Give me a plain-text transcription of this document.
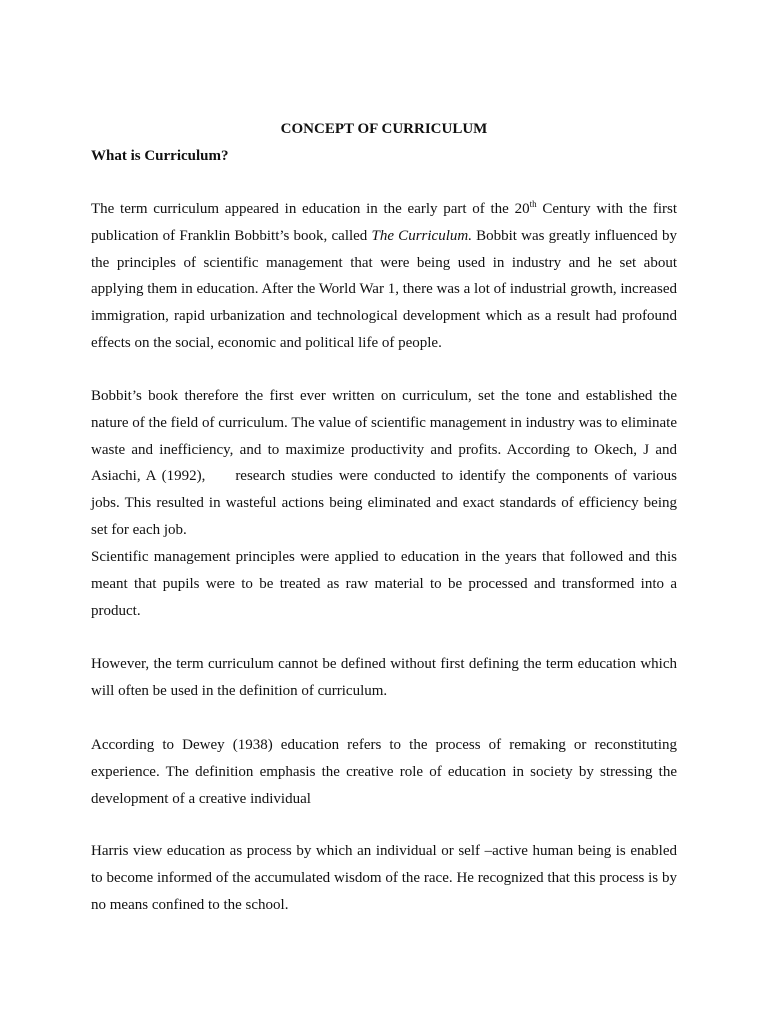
CONCEPT OF CURRICULUM
What is Curriculum?

The term curriculum appeared in education in the early part of the 20th Century with the first publication of Franklin Bobbitt’s book, called The Curriculum. Bobbit was greatly influenced by the principles of scientific management that were being used in industry and he set about applying them in education. After the World War 1, there was a lot of industrial growth, increased immigration, rapid urbanization and technological development which as a result had profound effects on the social, economic and political life of people.

Bobbit’s book therefore the first ever written on curriculum, set the tone and established the nature of the field of curriculum. The value of scientific management in industry was to eliminate waste and inefficiency, and to maximize productivity and profits. According to Okech, J and Asiachi, A (1992), research studies were conducted to identify the components of various jobs. This resulted in wasteful actions being eliminated and exact standards of efficiency being set for each job.

Scientific management principles were applied to education in the years that followed and this meant that pupils were to be treated as raw material to be processed and transformed into a product.

However, the term curriculum cannot be defined without first defining the term education which will often be used in the definition of curriculum.

According to Dewey (1938) education refers to the process of remaking or reconstituting experience. The definition emphasis the creative role of education in society by stressing the development of a creative individual

Harris view education as process by which an individual or self –active human being is enabled to become informed of the accumulated wisdom of the race. He recognized that this process is by no means confined to the school.
